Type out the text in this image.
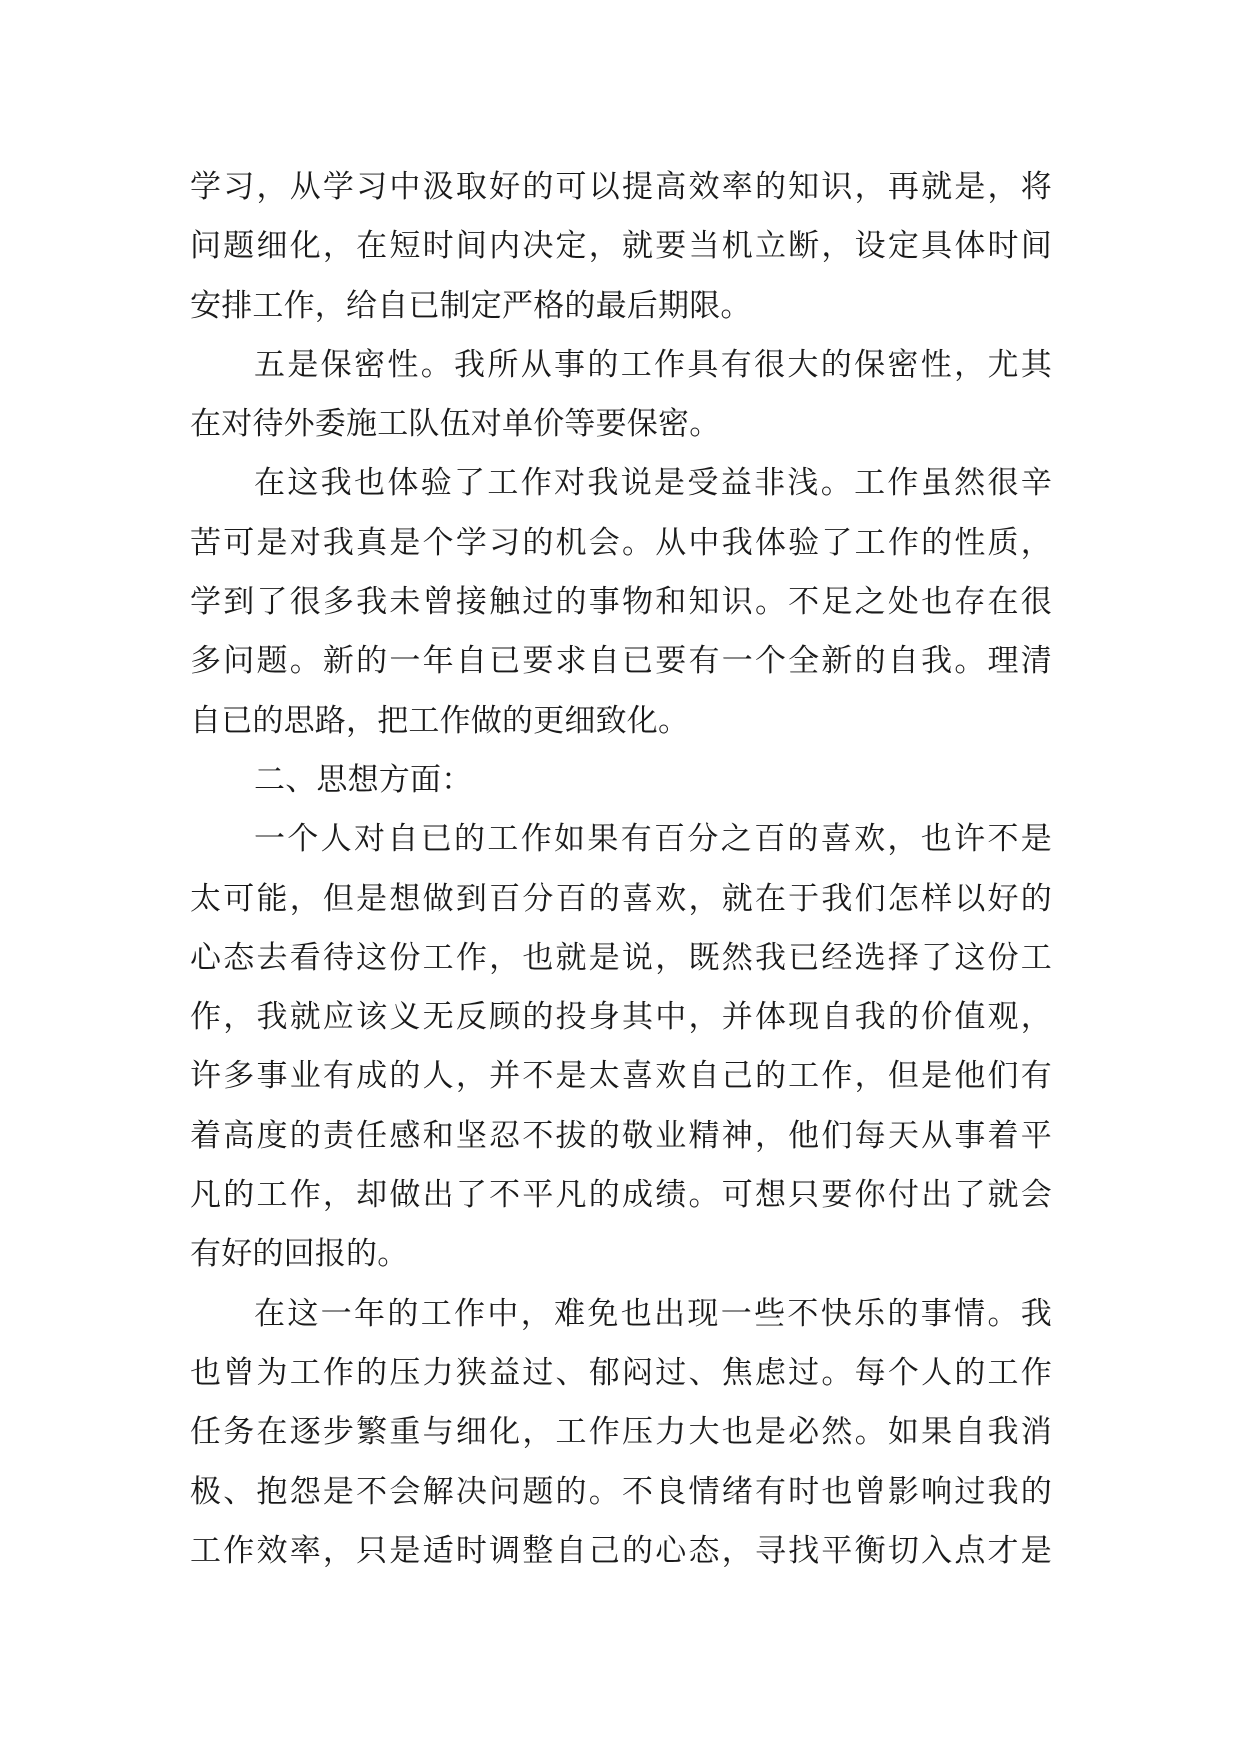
学习，从学习中汲取好的可以提高效率的知识，再就是，将
问题细化，在短时间内决定，就要当机立断，设定具体时间
安排工作，给自已制定严格的最后期限。
五是保密性。我所从事的工作具有很大的保密性，尤其
在对待外委施工队伍对单价等要保密。
在这我也体验了工作对我说是受益非浅。工作虽然很辛
苦可是对我真是个学习的机会。从中我体验了工作的性质，
学到了很多我未曾接触过的事物和知识。不足之处也存在很
多问题。新的一年自已要求自已要有一个全新的自我。理清
自已的思路，把工作做的更细致化。
二、思想方面：
一个人对自已的工作如果有百分之百的喜欢，也许不是
太可能，但是想做到百分百的喜欢，就在于我们怎样以好的
心态去看待这份工作，也就是说，既然我已经选择了这份工
作，我就应该义无反顾的投身其中，并体现自我的价值观，
许多事业有成的人，并不是太喜欢自己的工作，但是他们有
着高度的责任感和坚忍不拔的敬业精神，他们每天从事着平
凡的工作，却做出了不平凡的成绩。可想只要你付出了就会
有好的回报的。
在这一年的工作中，难免也出现一些不快乐的事情。我
也曾为工作的压力狭益过、郁闷过、焦虑过。每个人的工作
任务在逐步繁重与细化，工作压力大也是必然。如果自我消
极、抱怨是不会解决问题的。不良情绪有时也曾影响过我的
工作效率，只是适时调整自己的心态，寻找平衡切入点才是
